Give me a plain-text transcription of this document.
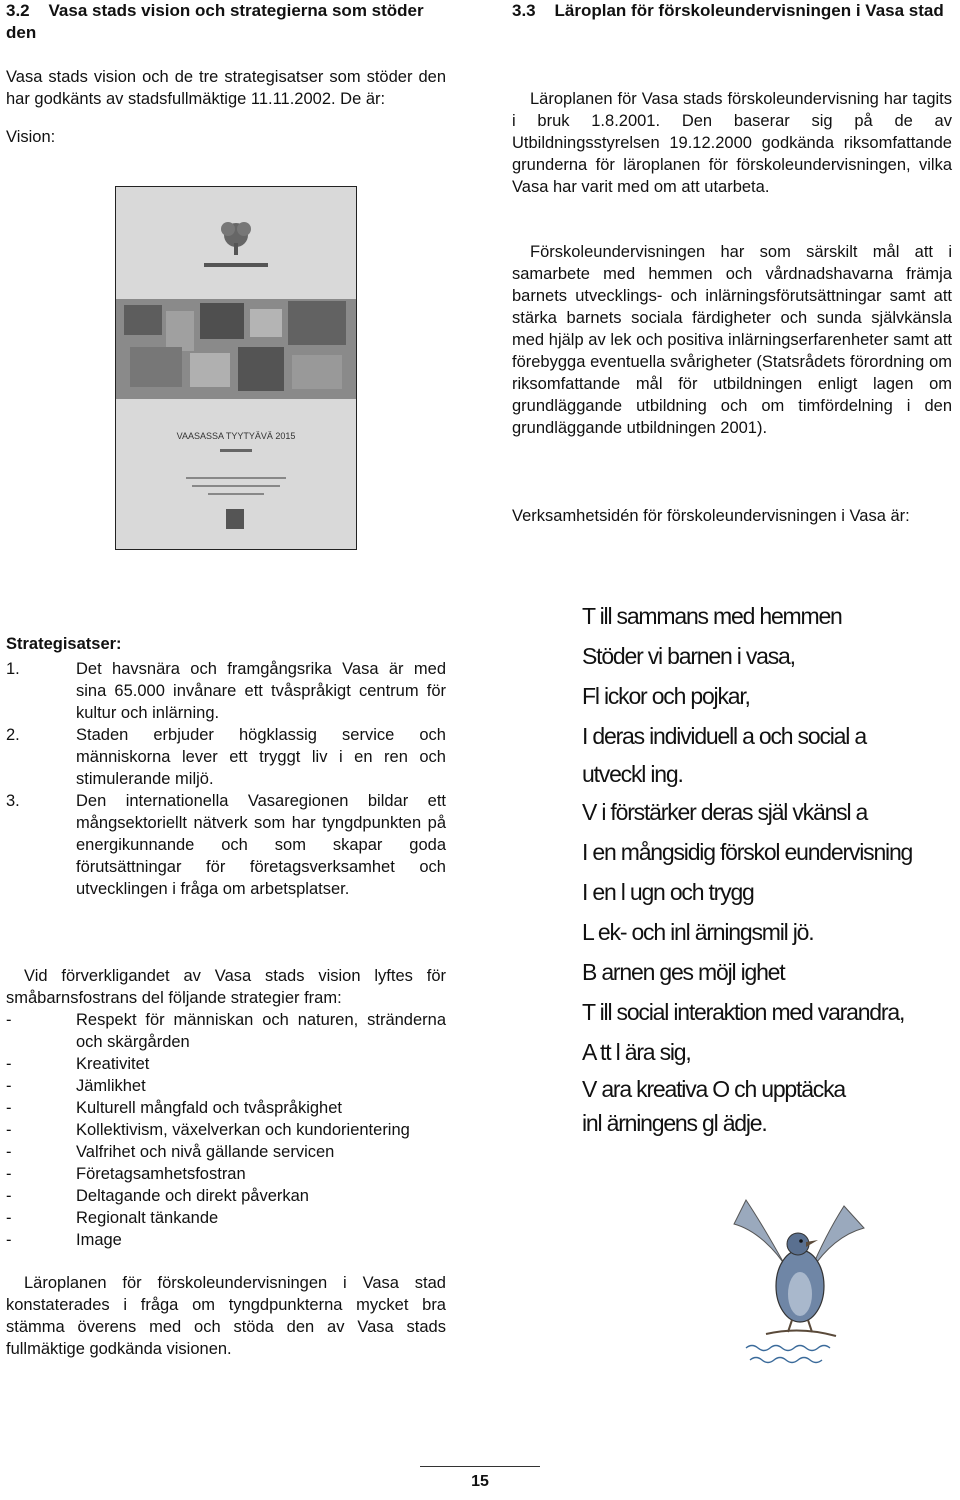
3.2    Vasa stads vision och strategierna som stöder den

Vasa stads vision och de tre strategisatser som stöder den har godkänts av stadsfullmäktige 11.11.2002. De är:

Vision:
VAASASSA TYYTYÄVÄ 2015
Strategisatser:
1.	Det havsnära och framgångsrika Vasa är med sina 65.000 invånare ett tvåspråkigt centrum för kultur och inlärning.
2.	Staden erbjuder högklassig service och människorna lever ett tryggt liv i en ren och stimulerande miljö.
3.	Den internationella Vasaregionen bildar ett mångsektoriellt nätverk som har tyngdpunkten på energikunnande och som skapar goda förutsättningar för företagsverksamhet och utvecklingen i fråga om arbetsplatser.

Vid förverkligandet av Vasa stads vision lyftes för småbarnsfostrans del följande strategier fram:

-	Respekt för människan och naturen, stränderna och skärgården
-	Kreativitet
-	Jämlikhet
-	Kulturell mångfald och tvåspråkighet
-	Kollektivism, växelverkan och kundorientering
-	Valfrihet och nivå gällande servicen
-	Företagsamhetsfostran
-	Deltagande och direkt påverkan
-	Regionalt tänkande
-	Image

Läroplanen för förskoleundervisningen i Vasa stad konstaterades i fråga om tyngdpunkterna mycket bra stämma överens med och stöda den av Vasa stads fullmäktige godkända visionen.

3.3    Läroplan för förskoleundervisningen i Vasa stad

Läroplanen för Vasa stads förskoleundervisning har tagits i bruk 1.8.2001. Den baserar sig på de av Utbildningsstyrelsen 19.12.2000 godkända riksomfattande grunderna för läroplanen för förskoleundervisningen, vilka Vasa har varit med om att utarbeta.

Förskoleundervisningen har som särskilt mål att i samarbete med hemmen och vårdnadshavarna främja barnets utvecklings- och inlärningsförutsättningar samt att stärka barnets sociala färdigheter och sunda självkänsla med hjälp av lek och positiva inlärningserfarenheter samt att förebygga eventuella svårigheter (Statsrådets förordning om riksomfattande mål för utbildningen enligt lagen om grundläggande utbildning och om timfördelning i den grundläggande utbildningen 2001).

Verksamhetsidén för förskoleundervisningen i Vasa är:

T ill sammans med hemmen
Stöder vi barnen i vasa,
Fl ickor och pojkar,
I deras individuell a och social a
utveckl ing.
V i förstärker deras själ vkänsl a
I en mångsidig förskol eundervisning
I en l ugn och trygg
L ek- och inl ärningsmil jö.
B arnen ges möjl ighet
T ill social interaktion med varandra,
A tt l ära sig,
V ara kreativa O ch upptäcka
inl ärningens gl ädje.
15
